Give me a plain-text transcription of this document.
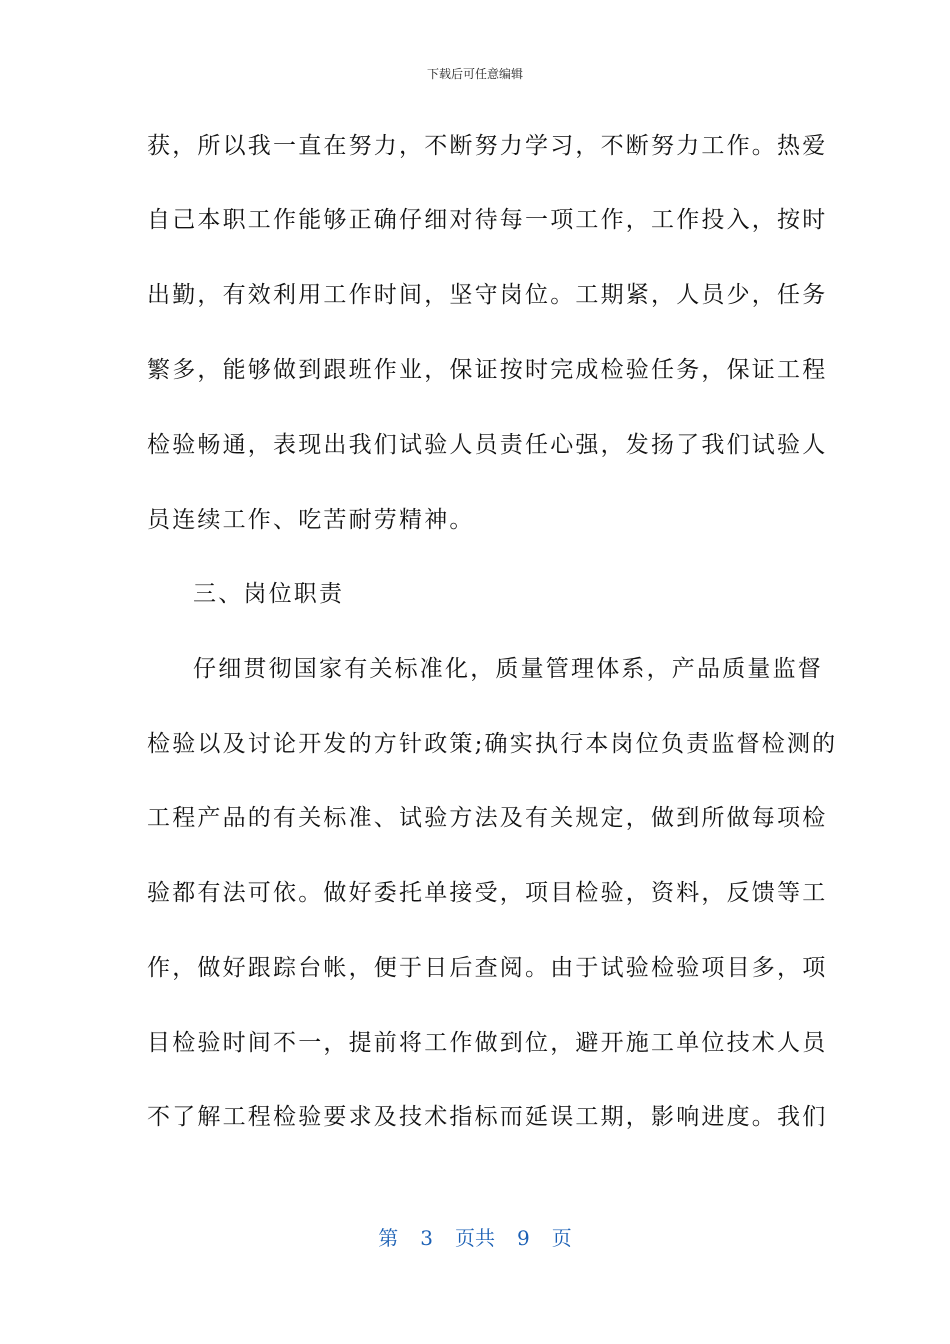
下载后可任意编辑
获，所以我一直在努力，不断努力学习，不断努力工作。热爱
自己本职工作能够正确仔细对待每一项工作，工作投入，按时
出勤，有效利用工作时间，坚守岗位。工期紧，人员少，任务
繁多，能够做到跟班作业，保证按时完成检验任务，保证工程
检验畅通，表现出我们试验人员责任心强，发扬了我们试验人
员连续工作、吃苦耐劳精神。
三、岗位职责
仔细贯彻国家有关标准化，质量管理体系，产品质量监督
检验以及讨论开发的方针政策;确实执行本岗位负责监督检测的
工程产品的有关标准、试验方法及有关规定，做到所做每项检
验都有法可依。做好委托单接受，项目检验，资料，反馈等工
作，做好跟踪台帐，便于日后查阅。由于试验检验项目多，项
目检验时间不一，提前将工作做到位，避开施工单位技术人员
不了解工程检验要求及技术指标而延误工期，影响进度。我们
第 3 页共 9 页
